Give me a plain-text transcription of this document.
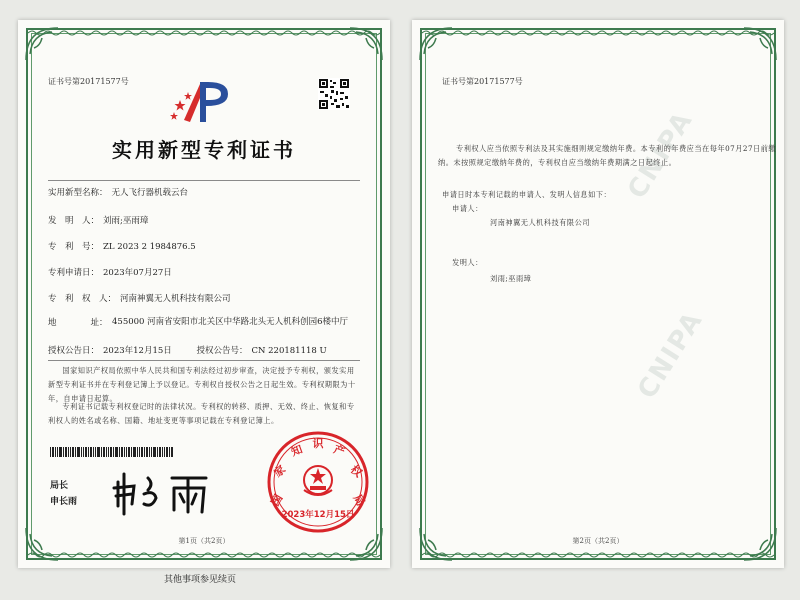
证书号第20171577号
实用新型专利证书
实用新型名称： 无人飞行器机载云台
发　明　人： 刘雨;巫雨璋
专　利　号： ZL 2023 2 1984876.5
专利申请日： 2023年07月27日
专　利　权　人： 河南神翼无人机科技有限公司
地　　　　址： 455000 河南省安阳市北关区中华路北头无人机科创园6楼中厅
授权公告日： 2023年12月15日	授权公告号： CN 220181118 U
国家知识产权局依照中华人民共和国专利法经过初步审查，决定授予专利权，颁发实用新型专利证书并在专利登记簿上予以登记。专利权自授权公告之日起生效。专利权期限为十年，自申请日起算。
专利证书记载专利权登记时的法律状况。专利权的转移、质押、无效、终止、恢复和专利权人的姓名或名称、国籍、地址变更等事项记载在专利登记簿上。
局长
申长雨	国
家
知 识 产
权
局
2023年12月15日
第1页（共2页）
CNIPA
CNIPA
证书号第20171577号
专利权人应当依照专利法及其实施细则规定缴纳年费。本专利的年费应当在每年07月27日前缴
纳。未按照规定缴纳年费的，专利权自应当缴纳年费期满之日起终止。
申请日时本专利记载的申请人、发明人信息如下：
申请人：
河南神翼无人机科技有限公司
发明人：
刘雨;巫雨璋
第2页（共2页）
其他事项参见续页
